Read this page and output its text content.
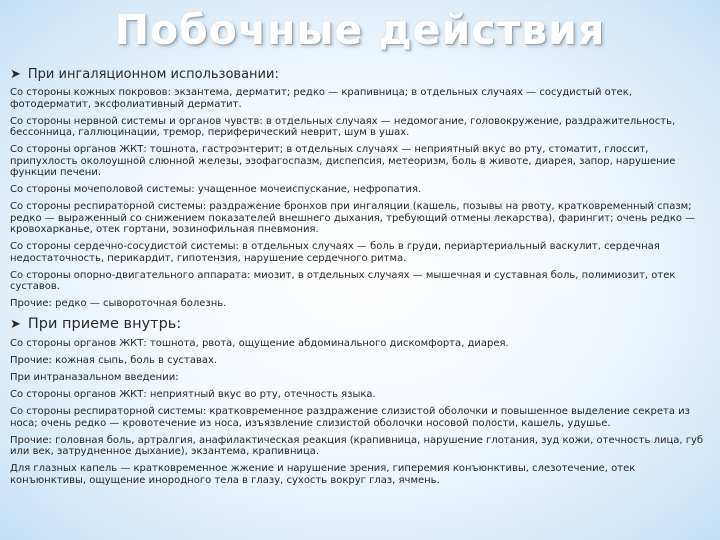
Побочные действия
➤ При ингаляционном использовании:
Со стороны кожных покровов: экзантема, дерматит; редко — крапивница; в отдельных случаях — сосудистый отек, фотодерматит, эксфолиативный дерматит.
Со стороны нервной системы и органов чувств: в отдельных случаях — недомогание, головокружение, раздражительность, бессонница, галлюцинации, тремор, периферический неврит, шум в ушах.
Со стороны органов ЖКТ: тошнота, гастроэнтерит; в отдельных случаях — неприятный вкус во рту, стоматит, глоссит, припухлость околоушной слюнной железы, эзофагоспазм, диспепсия, метеоризм, боль в животе, диарея, запор, нарушение функции печени.
Со стороны мочеполовой системы: учащенное мочеиспускание, нефропатия.
Со стороны респираторной системы: раздражение бронхов при ингаляции (кашель, позывы на рвоту, кратковременный спазм; редко — выраженный со снижением показателей внешнего дыхания, требующий отмены лекарства), фарингит; очень редко — кровохарканье, отек гортани, эозинофильная пневмония.
Со стороны сердечно-сосудистой системы: в отдельных случаях — боль в груди, периартериальный васкулит, сердечная недостаточность, перикардит, гипотензия, нарушение сердечного ритма.
Со стороны опорно-двигательного аппарата: миозит, в отдельных случаях — мышечная и суставная боль, полимиозит, отек суставов.
Прочие: редко — сывороточная болезнь.
➤ При приеме внутрь:
Со стороны органов ЖКТ: тошнота, рвота, ощущение абдоминального дискомфорта, диарея.
Прочие: кожная сыпь, боль в суставах.
При интраназальном введении:
Со стороны органов ЖКТ: неприятный вкус во рту, отечность языка.
Со стороны респираторной системы: кратковременное раздражение слизистой оболочки и повышенное выделение секрета из носа; очень редко — кровотечение из носа, изъязвление слизистой оболочки носовой полости, кашель, удушье.
Прочие: головная боль, артралгия, анафилактическая реакция (крапивница, нарушение глотания, зуд кожи, отечность лица, губ или век, затрудненное дыхание), экзантема, крапивница.
Для глазных капель — кратковременное жжение и нарушение зрения, гиперемия конъюнктивы, слезотечение, отек конъюнктивы, ощущение инородного тела в глазу, сухость вокруг глаз, ячмень.
